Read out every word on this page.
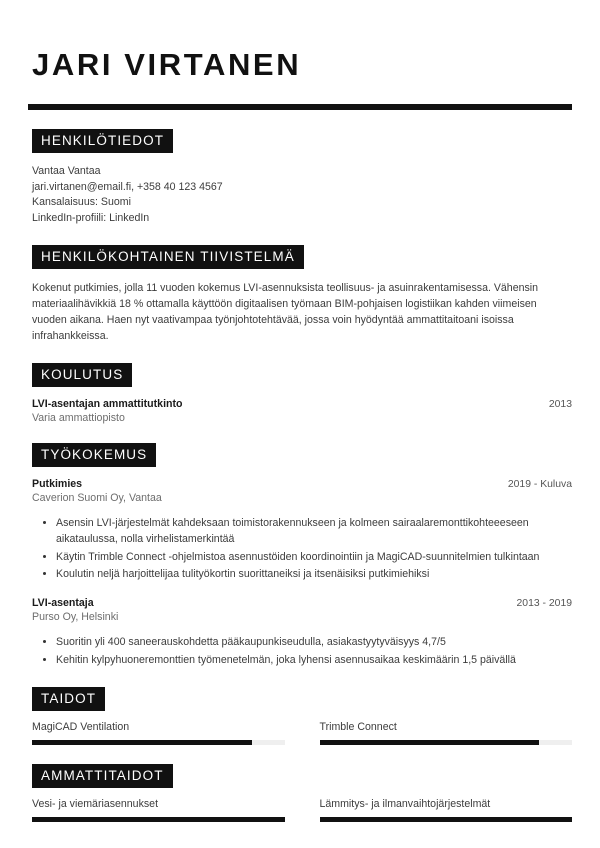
JARI VIRTANEN
HENKILÖTIEDOT
Vantaa Vantaa
jari.virtanen@email.fi, +358 40 123 4567
Kansalaisuus: Suomi
LinkedIn-profiili: LinkedIn
HENKILÖKOHTAINEN TIIVISTELMÄ
Kokenut putkimies, jolla 11 vuoden kokemus LVI-asennuksista teollisuus- ja asuinrakentamisessa. Vähensin materiaalihävikkiä 18 % ottamalla käyttöön digitaalisen työmaan BIM-pohjaisen logistiikan kahden viimeisen vuoden aikana. Haen nyt vaativampaa työnjohtotehtävää, jossa voin hyödyntää ammattitaitoani isoissa infrahankkeissa.
KOULUTUS
LVI-asentajan ammattitutkinto	2013
Varia ammattiopisto
TYÖKOKEMUS
Putkimies	2019 - Kuluva
Caverion Suomi Oy, Vantaa
Asensin LVI-järjestelmät kahdeksaan toimistorakennukseen ja kolmeen sairaalaremonttikohteeeseen aikataulussa, nolla virhelistamerkintää
Käytin Trimble Connect -ohjelmistoa asennustöiden koordinointiin ja MagiCAD-suunnitelmien tulkintaan
Koulutin neljä harjoittelijaa tulityökortin suorittaneiksi ja itsenäisiksi putkimiehiksi
LVI-asentaja	2013 - 2019
Purso Oy, Helsinki
Suoritin yli 400 saneerauskohdetta pääkaupunkiseudulla, asiakastyytyväisyys 4,7/5
Kehitin kylpyhuoneremonttien työmenetelmän, joka lyhensi asennusaikaa keskimäärin 1,5 päivällä
TAIDOT
MagiCAD Ventilation	Trimble Connect
AMMATTITAIDOT
Vesi- ja viemäriasennukset	Lämmitys- ja ilmanvaihtojärjestelmät
